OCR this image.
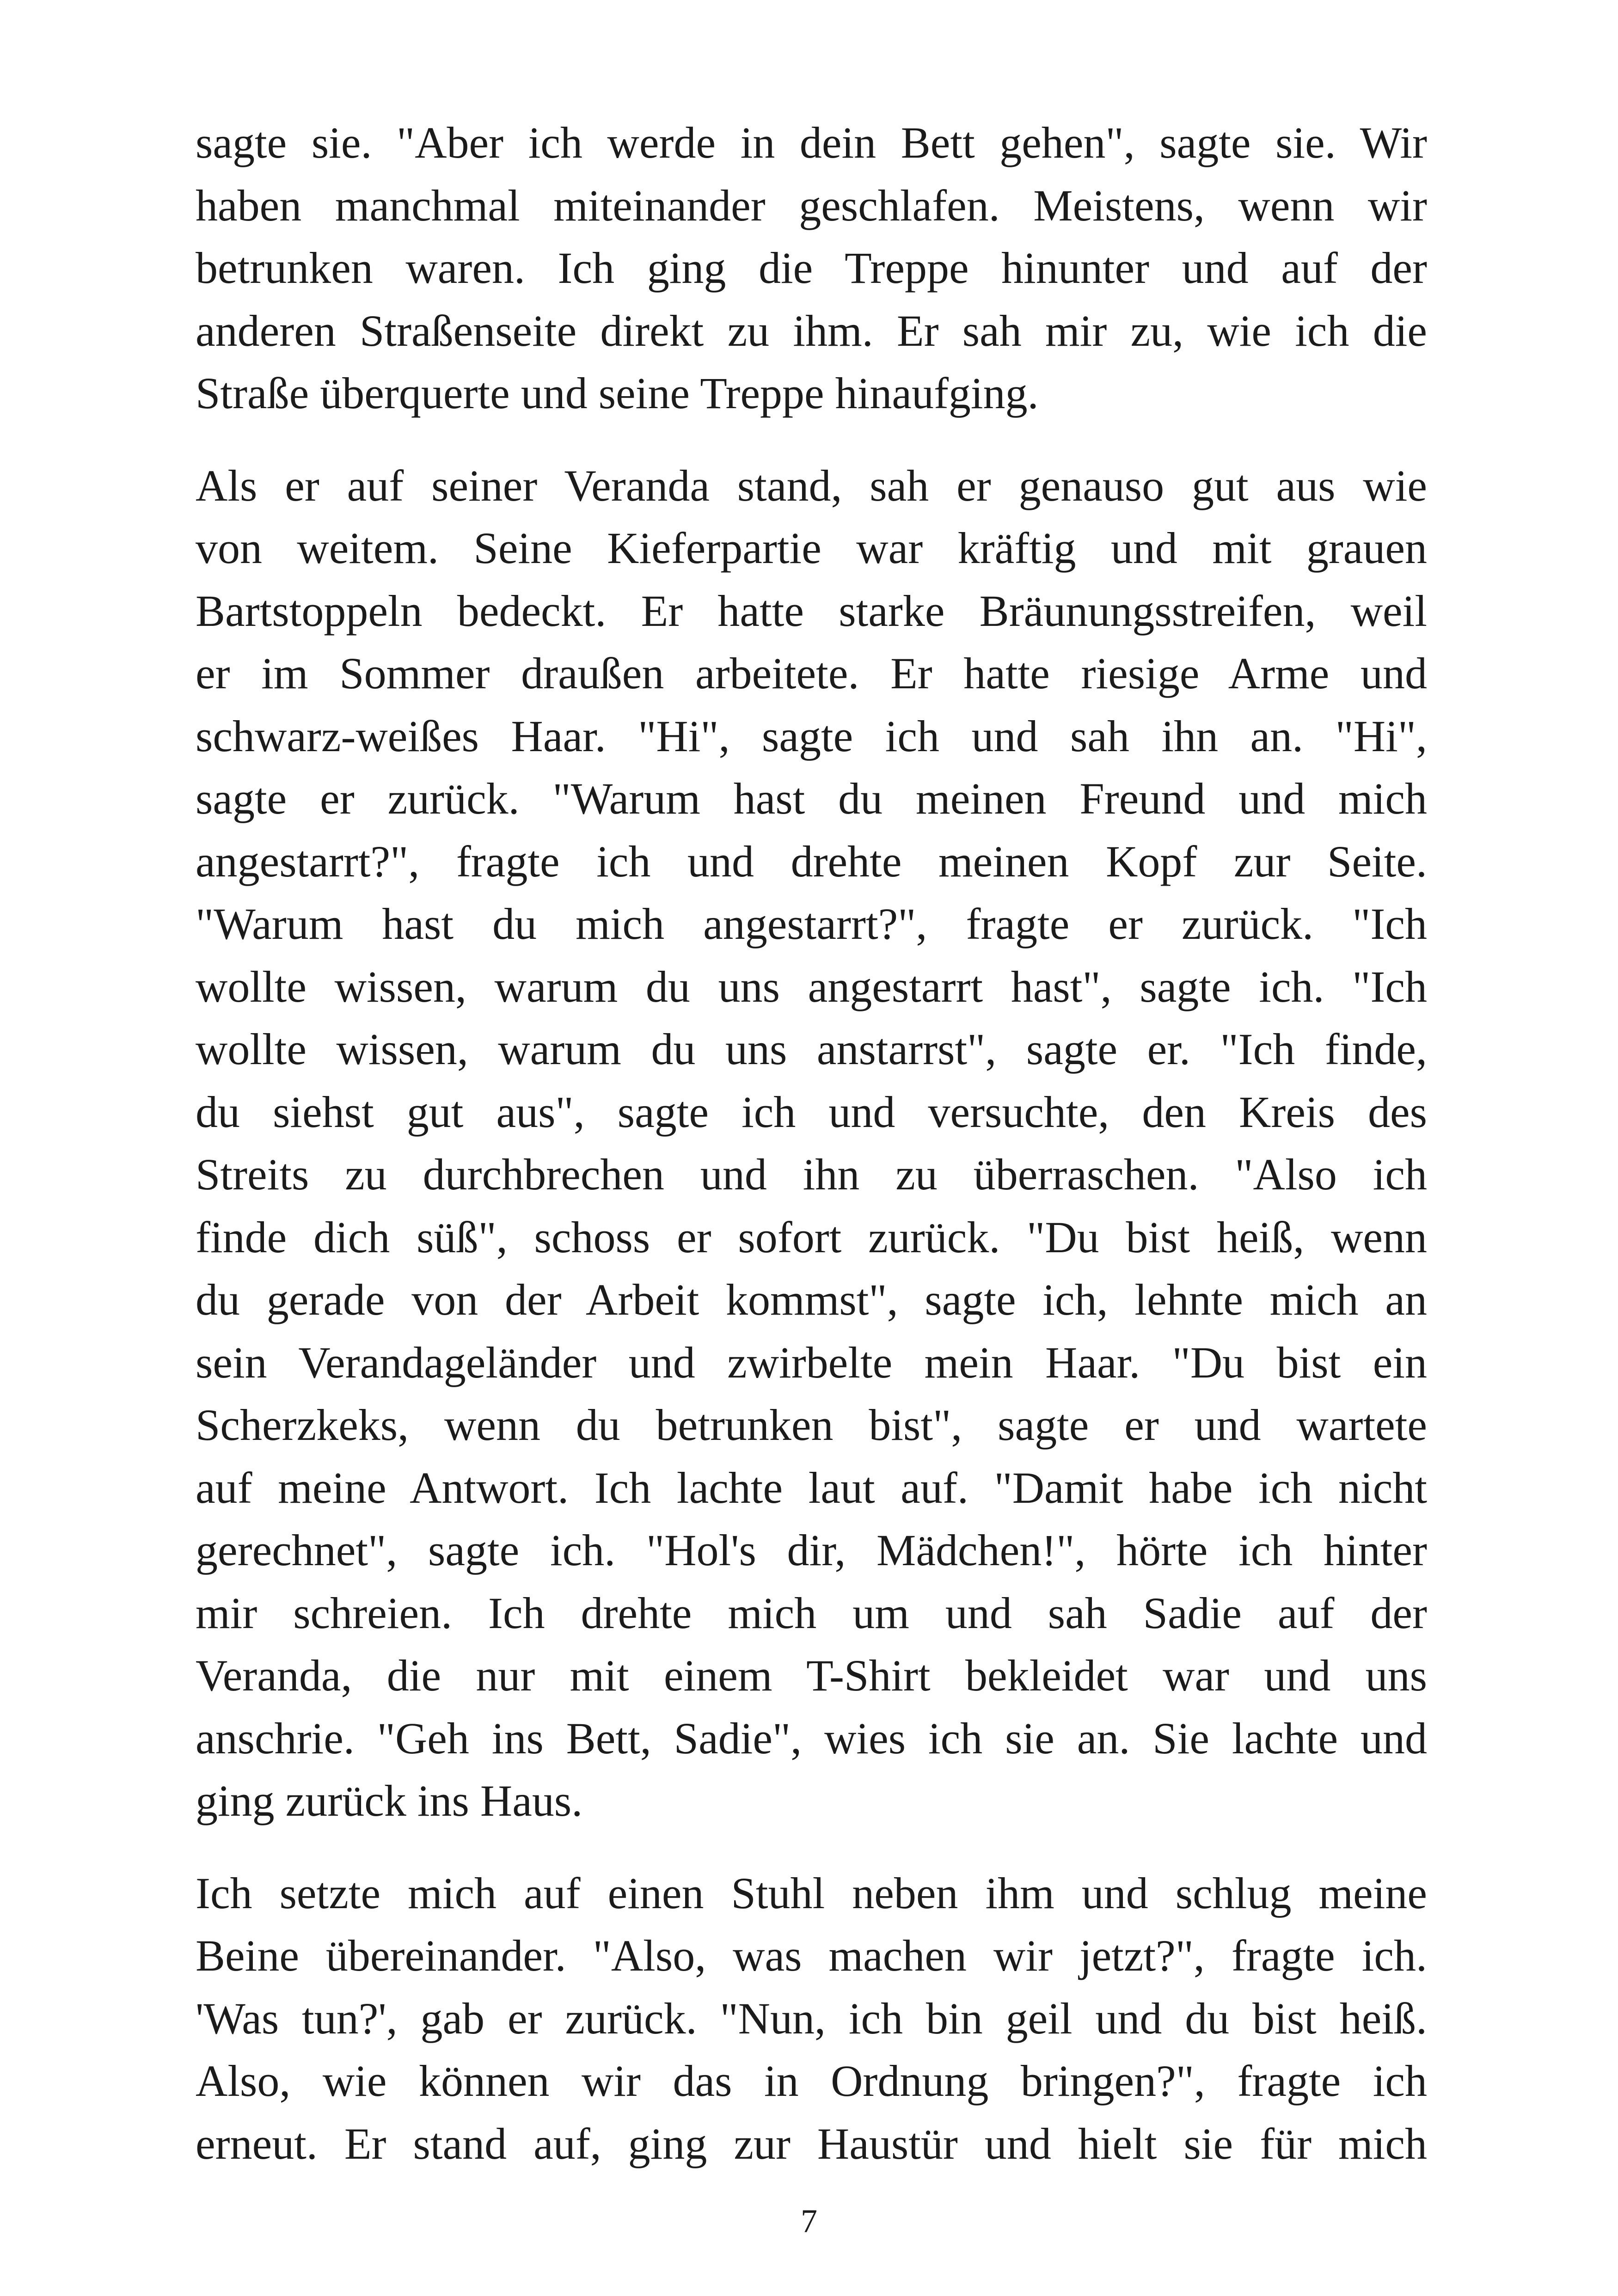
sagte sie. "Aber ich werde in dein Bett gehen", sagte sie. Wir
haben manchmal miteinander geschlafen. Meistens, wenn wir
betrunken waren. Ich ging die Treppe hinunter und auf der
anderen Straßenseite direkt zu ihm. Er sah mir zu, wie ich die
Straße überquerte und seine Treppe hinaufging.
Als er auf seiner Veranda stand, sah er genauso gut aus wie
von weitem. Seine Kieferpartie war kräftig und mit grauen
Bartstoppeln bedeckt. Er hatte starke Bräunungsstreifen, weil
er im Sommer draußen arbeitete. Er hatte riesige Arme und
schwarz-weißes Haar. "Hi", sagte ich und sah ihn an. "Hi",
sagte er zurück. "Warum hast du meinen Freund und mich
angestarrt?", fragte ich und drehte meinen Kopf zur Seite.
"Warum hast du mich angestarrt?", fragte er zurück. "Ich
wollte wissen, warum du uns angestarrt hast", sagte ich. "Ich
wollte wissen, warum du uns anstarrst", sagte er. "Ich finde,
du siehst gut aus", sagte ich und versuchte, den Kreis des
Streits zu durchbrechen und ihn zu überraschen. "Also ich
finde dich süß", schoss er sofort zurück. "Du bist heiß, wenn
du gerade von der Arbeit kommst", sagte ich, lehnte mich an
sein Verandageländer und zwirbelte mein Haar. "Du bist ein
Scherzkeks, wenn du betrunken bist", sagte er und wartete
auf meine Antwort. Ich lachte laut auf. "Damit habe ich nicht
gerechnet", sagte ich. "Hol's dir, Mädchen!", hörte ich hinter
mir schreien. Ich drehte mich um und sah Sadie auf der
Veranda, die nur mit einem T-Shirt bekleidet war und uns
anschrie. "Geh ins Bett, Sadie", wies ich sie an. Sie lachte und
ging zurück ins Haus.
Ich setzte mich auf einen Stuhl neben ihm und schlug meine
Beine übereinander. "Also, was machen wir jetzt?", fragte ich.
'Was tun?', gab er zurück. "Nun, ich bin geil und du bist heiß.
Also, wie können wir das in Ordnung bringen?", fragte ich
erneut. Er stand auf, ging zur Haustür und hielt sie für mich
7
